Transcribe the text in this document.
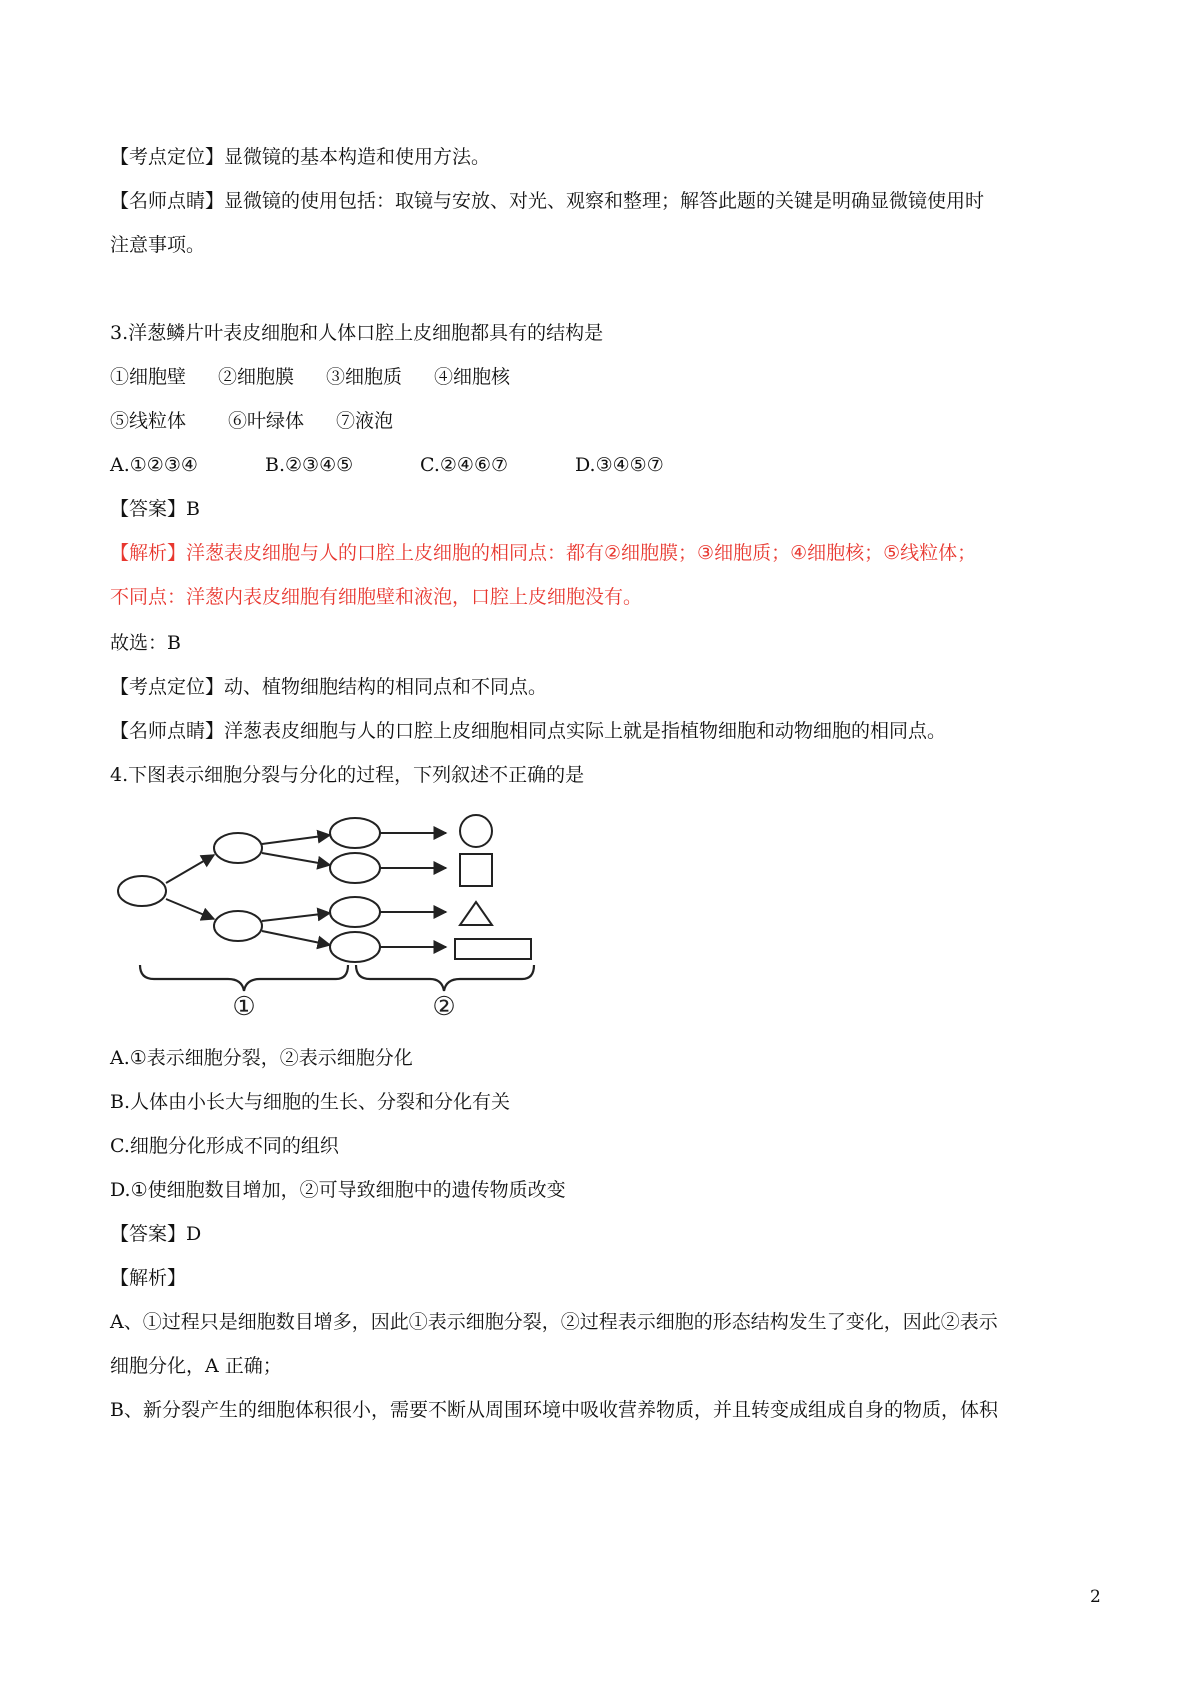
【考点定位】显微镜的基本构造和使用方法。
【名师点睛】显微镜的使用包括：取镜与安放、对光、观察和整理；解答此题的关键是明确显微镜使用时
注意事项。
3.洋葱鳞片叶表皮细胞和人体口腔上皮细胞都具有的结构是
①细胞壁 ②细胞膜 ③细胞质 ④细胞核
⑤线粒体 ⑥叶绿体 ⑦液泡
A.①②③④	B.②③④⑤	C.②④⑥⑦	D.③④⑤⑦
【答案】B
【解析】洋葱表皮细胞与人的口腔上皮细胞的相同点：都有②细胞膜；③细胞质；④细胞核；⑤线粒体；
不同点：洋葱内表皮细胞有细胞壁和液泡，口腔上皮细胞没有。
故选：B
【考点定位】动、植物细胞结构的相同点和不同点。
【名师点睛】洋葱表皮细胞与人的口腔上皮细胞相同点实际上就是指植物细胞和动物细胞的相同点。
4.下图表示细胞分裂与分化的过程，下列叙述不正确的是
①	②
A.①表示细胞分裂，②表示细胞分化
B.人体由小长大与细胞的生长、分裂和分化有关
C.细胞分化形成不同的组织
D.①使细胞数目增加，②可导致细胞中的遗传物质改变
【答案】D
【解析】
A、①过程只是细胞数目增多，因此①表示细胞分裂，②过程表示细胞的形态结构发生了变化，因此②表示
细胞分化，A 正确；
B、新分裂产生的细胞体积很小，需要不断从周围环境中吸收营养物质，并且转变成组成自身的物质，体积
2
